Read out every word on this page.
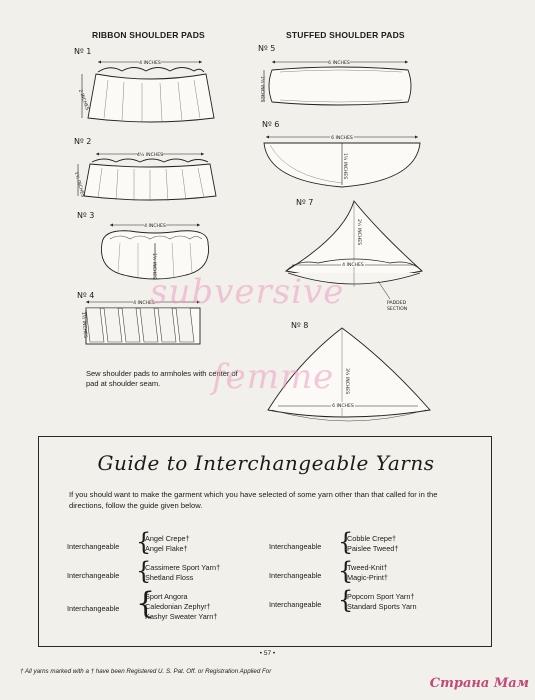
RIBBON SHOULDER PADS	STUFFED SHOULDER PADS
Nº 1
Nº 2
Nº 3
Nº 4
Nº 5
Nº 6
Nº 7
Nº 8
4 INCHES
2 INCHES
4½ INCHES
1½ INCHES
4 INCHES
1½ INCHES
4 INCHES
1½ INCHES
6 INCHES
1½ INCHES
6 INCHES
1¼ INCHES
4 INCHES
2½ INCHES
PADDED SECTION
6 INCHES
3¼ INCHES
Sew shoulder pads to armholes with center of pad at shoulder seam.
subversive
femme
Guide to Interchangeable Yarns
If you should want to make the garment which you have selected of some yarn other than that called for in the directions, follow the guide given below.
Interchangeable {
Angel Crepe†
Angel Flake†
Interchangeable {
Cassimere Sport Yarn†
Shetland Floss
Interchangeable {
Sport Angora
Caledonian Zephyr†
Kashyr Sweater Yarn†
Interchangeable {
Cobble Crepe†
Paislee Tweed†
Interchangeable {
Tweed-Knit†
Magic-Print†
Interchangeable {
Popcorn Sport Yarn†
Standard Sports Yarn
• 57 •
† All yarns marked with a † have been Registered U. S. Pat. Off. or Registration Applied For
Страна Мам
